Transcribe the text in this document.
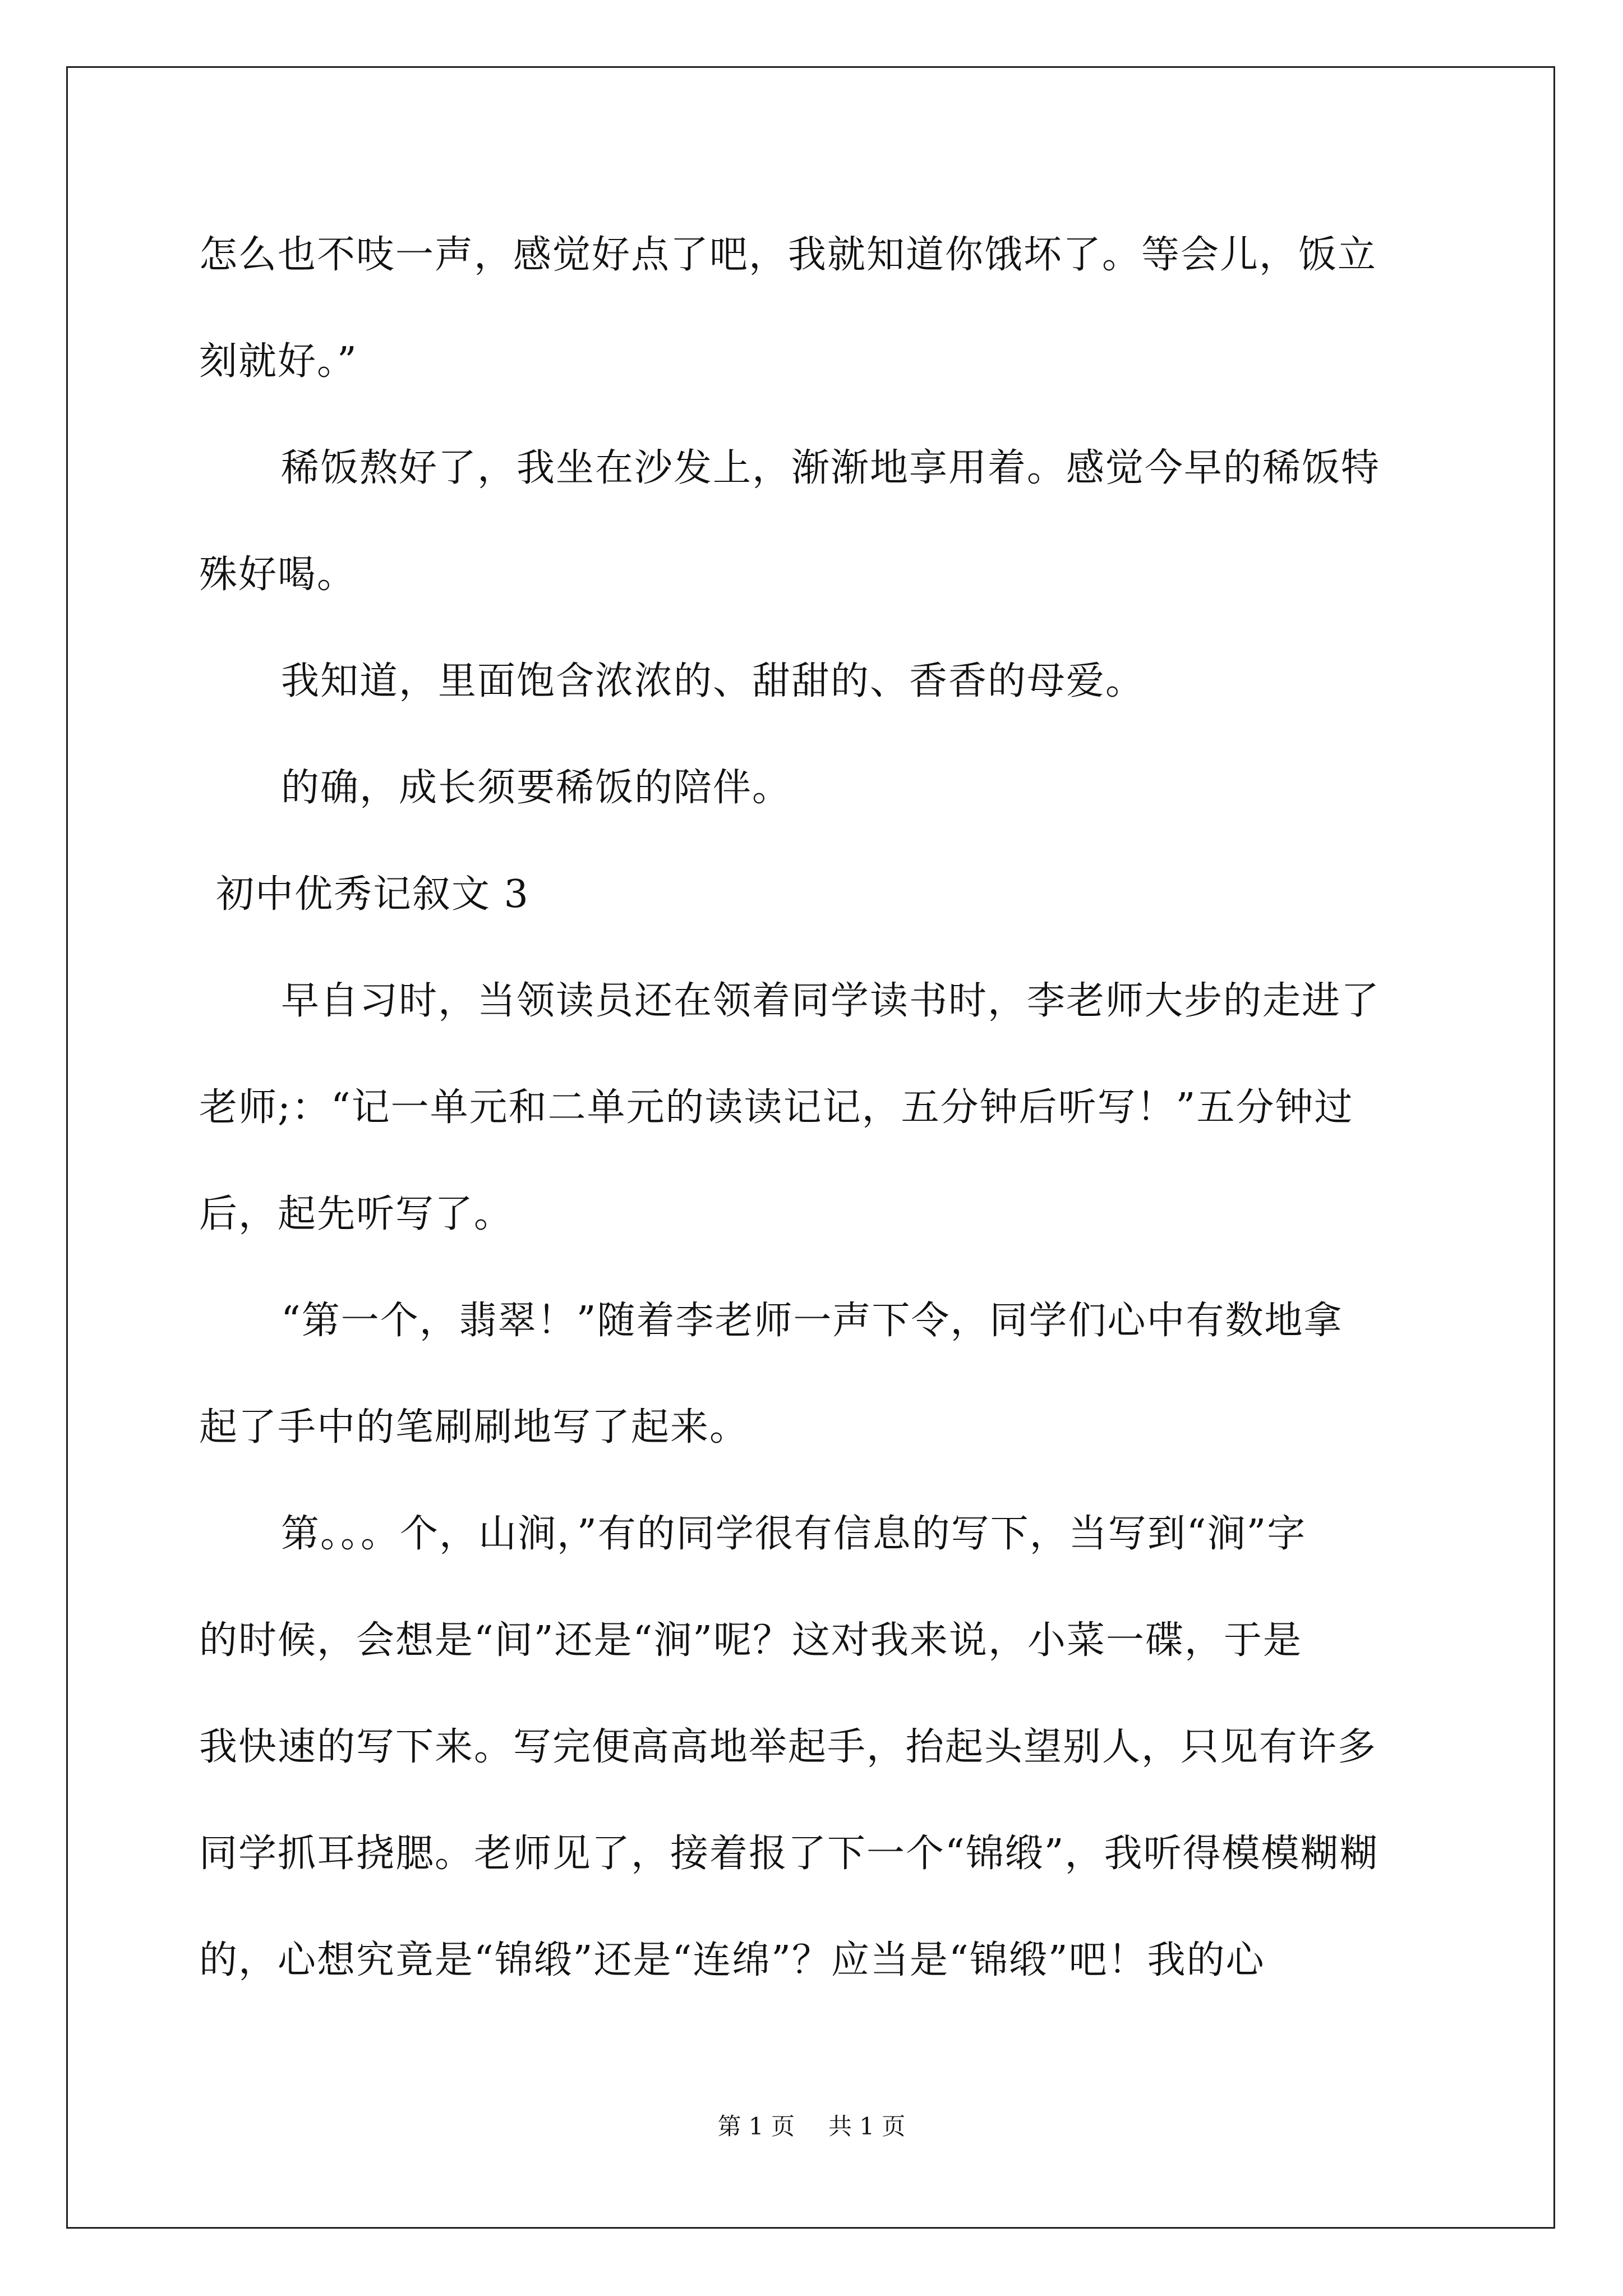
怎么也不吱一声，感觉好点了吧，我就知道你饿坏了。等会儿，饭立
刻就好。”
稀饭熬好了，我坐在沙发上，渐渐地享用着。感觉今早的稀饭特
殊好喝。
我知道，里面饱含浓浓的、甜甜的、香香的母爱。
的确，成长须要稀饭的陪伴。
初中优秀记叙文 3
早自习时，当领读员还在领着同学读书时，李老师大步的走进了
老师;：“记一单元和二单元的读读记记，五分钟后听写！”五分钟过
后，起先听写了。
“第一个，翡翠！”随着李老师一声下令，同学们心中有数地拿
起了手中的笔刷刷地写了起来。
第。。。个，山涧，”有的同学很有信息的写下，当写到“涧”字
的时候，会想是“间”还是“涧”呢？这对我来说，小菜一碟，于是
我快速的写下来。写完便高高地举起手，抬起头望别人，只见有许多
同学抓耳挠腮。老师见了，接着报了下一个“锦缎”，我听得模模糊糊
的，心想究竟是“锦缎”还是“连绵”？应当是“锦缎”吧！我的心
第 1 页 共 1 页
